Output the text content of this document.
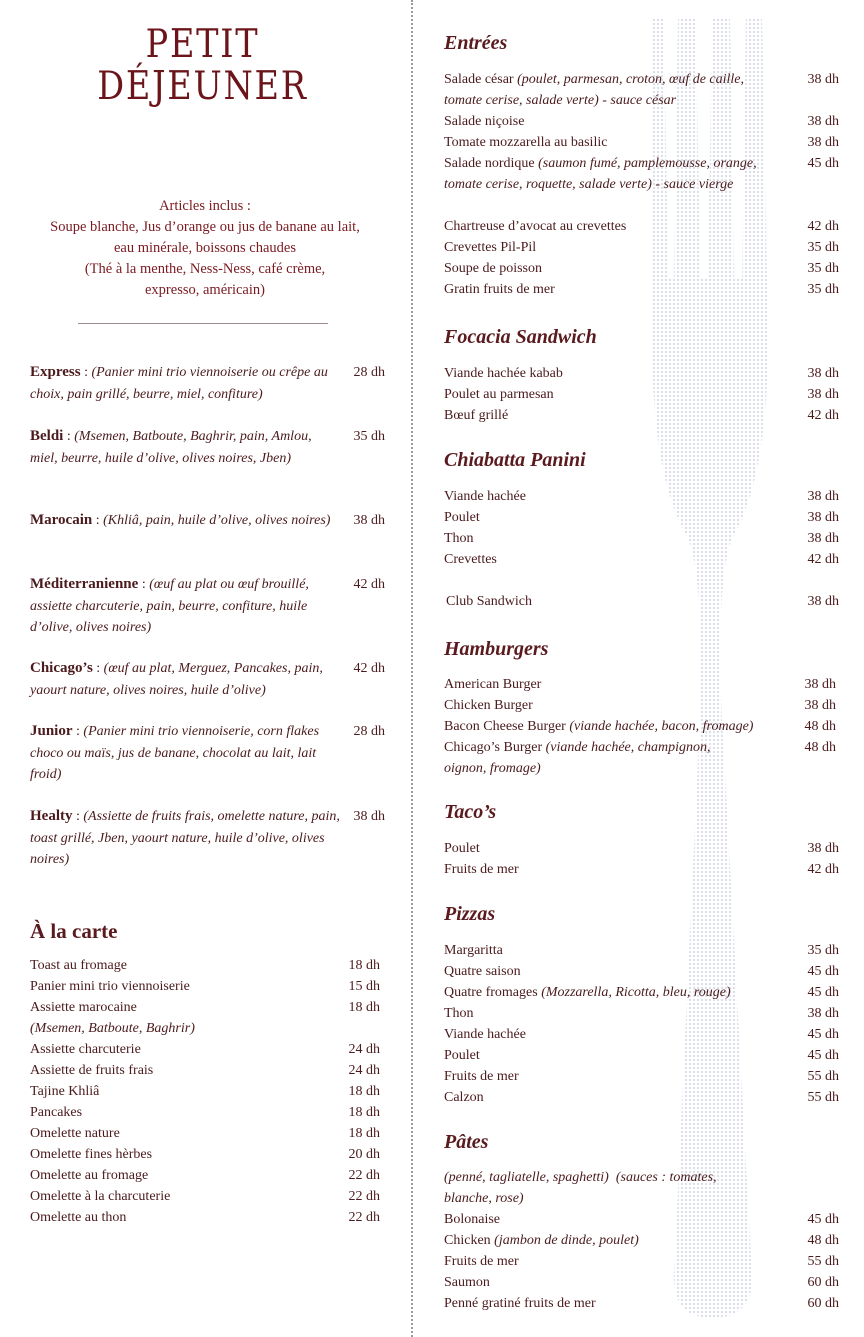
PETIT
DÉJEUNER
Articles inclus :
Soupe blanche, Jus d’orange ou jus de banane au lait,
eau minérale, boissons chaudes
(Thé à la menthe, Ness-Ness, café crème,
expresso, américain)
Express : (Panier mini trio viennoiserie ou crêpe au choix, pain grillé, beurre, miel, confiture)
28 dh
Beldi : (Msemen, Batboute, Baghrir, pain, Amlou, miel, beurre, huile d’olive, olives noires, Jben)
35 dh
Marocain : (Khliâ, pain, huile d’olive, olives noires)	38 dh
Méditerranienne : (œuf au plat ou œuf brouillé, assiette charcuterie, pain, beurre, confiture, huile d’olive, olives noires)
42 dh
Chicago’s : (œuf au plat, Merguez, Pancakes, pain, yaourt nature, olives noires, huile d’olive)
42 dh
Junior : (Panier mini trio viennoiserie, corn flakes choco ou maïs, jus de banane, chocolat au lait, lait froid)
28 dh
Healty : (Assiette de fruits frais, omelette nature, pain, toast grillé, Jben, yaourt nature, huile d’olive, olives noires)
38 dh
À la carte
Toast au fromage	18 dh
Panier mini trio viennoiserie	15 dh
Assiette marocaine	18 dh
(Msemen, Batboute, Baghrir)
Assiette charcuterie	24 dh
Assiette de fruits frais	24 dh
Tajine Khliâ	18 dh
Pancakes	18 dh
Omelette nature	18 dh
Omelette fines hèrbes	20 dh
Omelette au fromage	22 dh
Omelette à la charcuterie	22 dh
Omelette au thon	22 dh
Entrées
Salade césar (poulet, parmesan, croton, œuf de caille, tomate cerise, salade verte) - sauce césar
38 dh
Salade niçoise	38 dh
Tomate mozzarella au basilic	38 dh
Salade nordique (saumon fumé, pamplemousse, orange, tomate cerise, roquette, salade verte) - sauce vierge
45 dh
Chartreuse d’avocat au crevettes	42 dh
Crevettes Pil-Pil	35 dh
Soupe de poisson	35 dh
Gratin fruits de mer	35 dh
Focacia Sandwich
Viande hachée kabab	38 dh
Poulet au parmesan	38 dh
Bœuf grillé	42 dh
Chiabatta Panini
Viande hachée	38 dh
Poulet	38 dh
Thon	38 dh
Crevettes	42 dh
Club Sandwich	38 dh
Hamburgers
American Burger	38 dh
Chicken Burger	38 dh
Bacon Cheese Burger (viande hachée, bacon, fromage)	48 dh
Chicago’s Burger (viande hachée, champignon, oignon, fromage)
48 dh
Taco’s
Poulet	38 dh
Fruits de mer	42 dh
Pizzas
Margaritta	35 dh
Quatre saison	45 dh
Quatre fromages (Mozzarella, Ricotta, bleu, rouge)	45 dh
Thon	38 dh
Viande hachée	45 dh
Poulet	45 dh
Fruits de mer	55 dh
Calzon	55 dh
Pâtes
(penné, tagliatelle, spaghetti)  (sauces : tomates, blanche, rose)
Bolonaise	45 dh
Chicken (jambon de dinde, poulet)	48 dh
Fruits de mer	55 dh
Saumon	60 dh
Penné gratiné fruits de mer	60 dh
